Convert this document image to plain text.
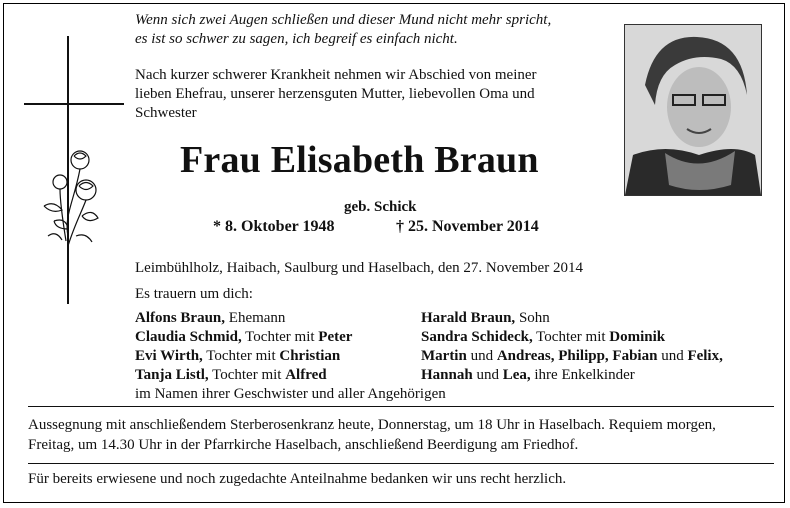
Wenn sich zwei Augen schließen und dieser Mund nicht mehr spricht,
es ist so schwer zu sagen, ich begreif es einfach nicht.
Nach kurzer schwerer Krankheit nehmen wir Abschied von meiner
lieben Ehefrau, unserer herzensguten Mutter, liebevollen Oma und
Schwester
Frau Elisabeth Braun
geb. Schick
* 8. Oktober 1948	† 25. November 2014
Leimbühlholz, Haibach, Saulburg und Haselbach, den 27. November 2014
Es trauern um dich:
Alfons Braun, Ehemann
Claudia Schmid, Tochter mit Peter
Evi Wirth, Tochter mit Christian
Tanja Listl, Tochter mit Alfred
Harald Braun, Sohn
Sandra Schideck, Tochter mit Dominik
Martin und Andreas, Philipp, Fabian und Felix,
Hannah und Lea, ihre Enkelkinder
im Namen ihrer Geschwister und aller Angehörigen
Aussegnung mit anschließendem Sterberosenkranz heute, Donnerstag, um 18 Uhr in Haselbach. Requiem morgen,
Freitag, um 14.30 Uhr in der Pfarrkirche Haselbach, anschließend Beerdigung am Friedhof.
Für bereits erwiesene und noch zugedachte Anteilnahme bedanken wir uns recht herzlich.
